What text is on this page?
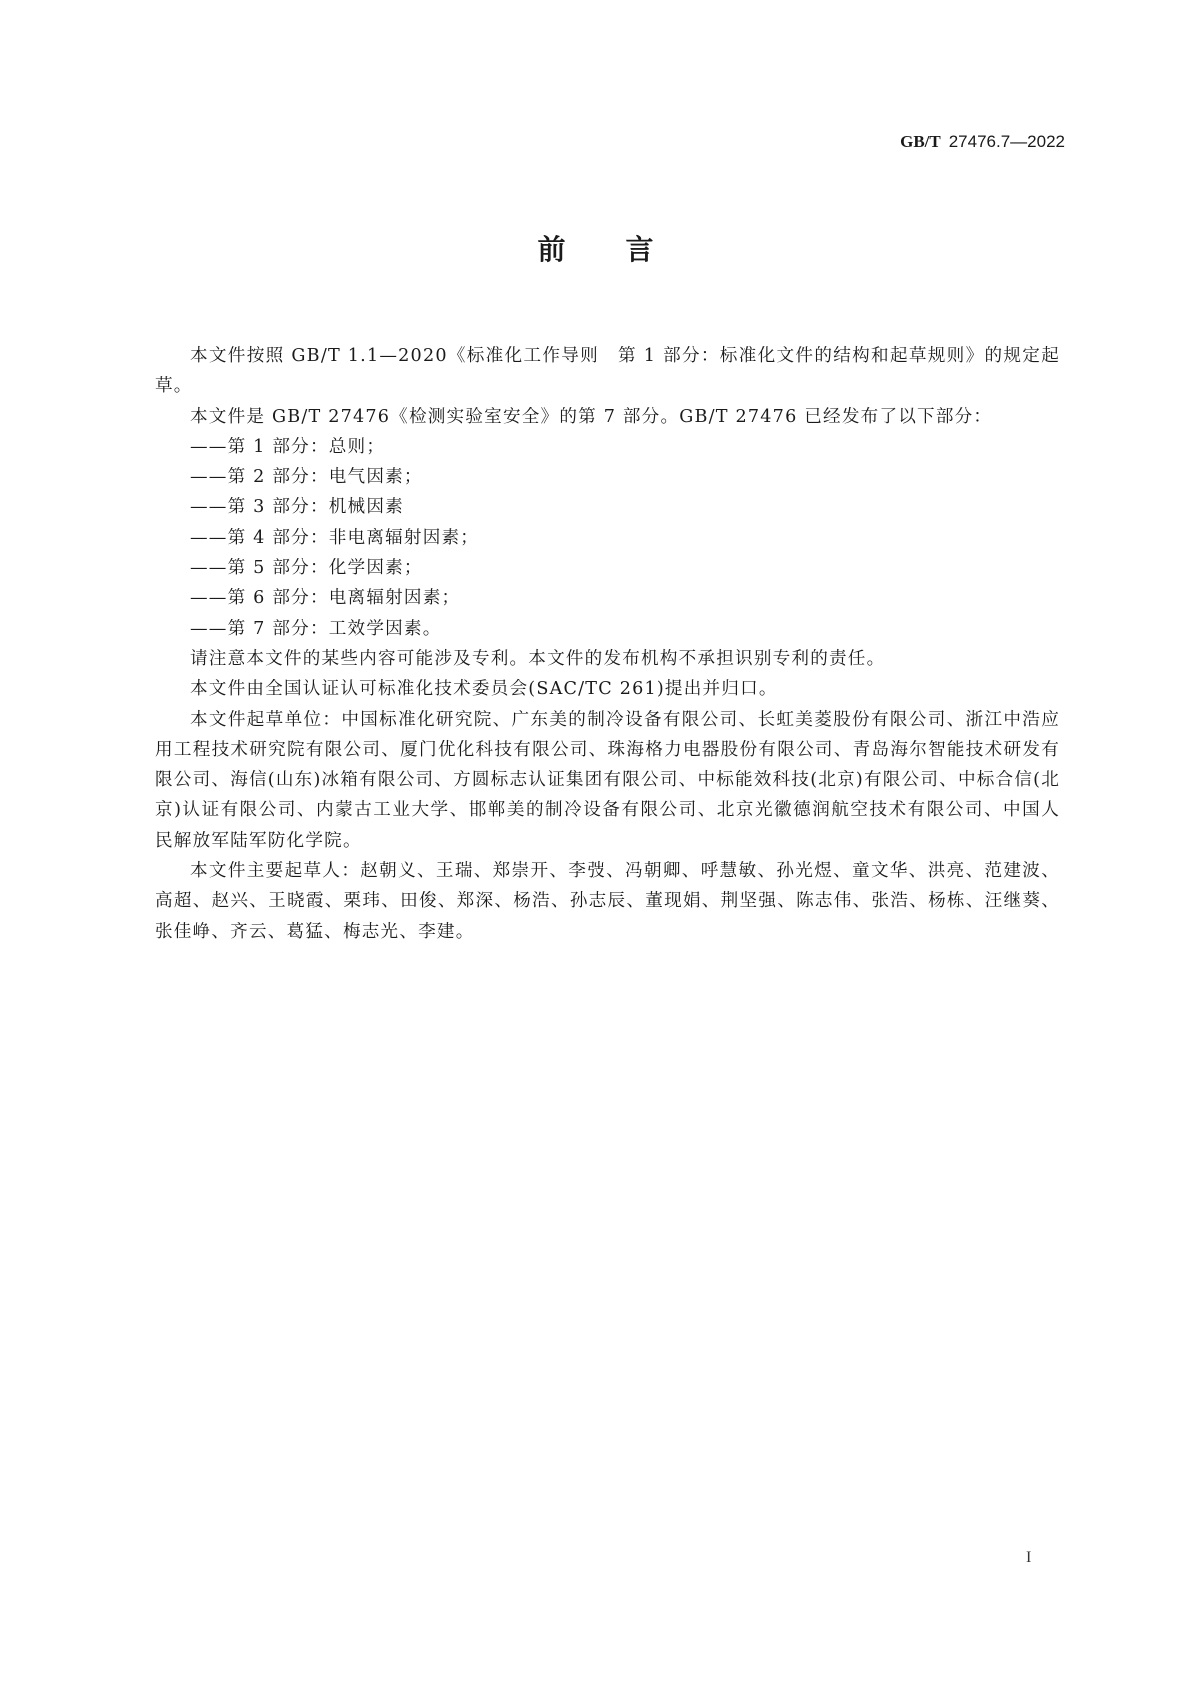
GB/T 27476.7—2022
前 言

本文件按照 GB/T 1.1—2020《标准化工作导则　第 1 部分：标准化文件的结构和起草规则》的规定起草。

本文件是 GB/T 27476《检测实验室安全》的第 7 部分。GB/T 27476 已经发布了以下部分：

——第 1 部分：总则；

——第 2 部分：电气因素；

——第 3 部分：机械因素

——第 4 部分：非电离辐射因素；

——第 5 部分：化学因素；

——第 6 部分：电离辐射因素；

——第 7 部分：工效学因素。

请注意本文件的某些内容可能涉及专利。本文件的发布机构不承担识别专利的责任。

本文件由全国认证认可标准化技术委员会(SAC/TC 261)提出并归口。

本文件起草单位：中国标准化研究院、广东美的制冷设备有限公司、长虹美菱股份有限公司、浙江中浩应用工程技术研究院有限公司、厦门优化科技有限公司、珠海格力电器股份有限公司、青岛海尔智能技术研发有限公司、海信(山东)冰箱有限公司、方圆标志认证集团有限公司、中标能效科技(北京)有限公司、中标合信(北京)认证有限公司、内蒙古工业大学、邯郸美的制冷设备有限公司、北京光徽德润航空技术有限公司、中国人民解放军陆军防化学院。

本文件主要起草人：赵朝义、王瑞、郑崇开、李弢、冯朝卿、呼慧敏、孙光煜、童文华、洪亮、范建波、高超、赵兴、王晓霞、栗玮、田俊、郑深、杨浩、孙志辰、董现娟、荆坚强、陈志伟、张浩、杨栋、汪继葵、张佳峥、齐云、葛猛、梅志光、李建。

I
